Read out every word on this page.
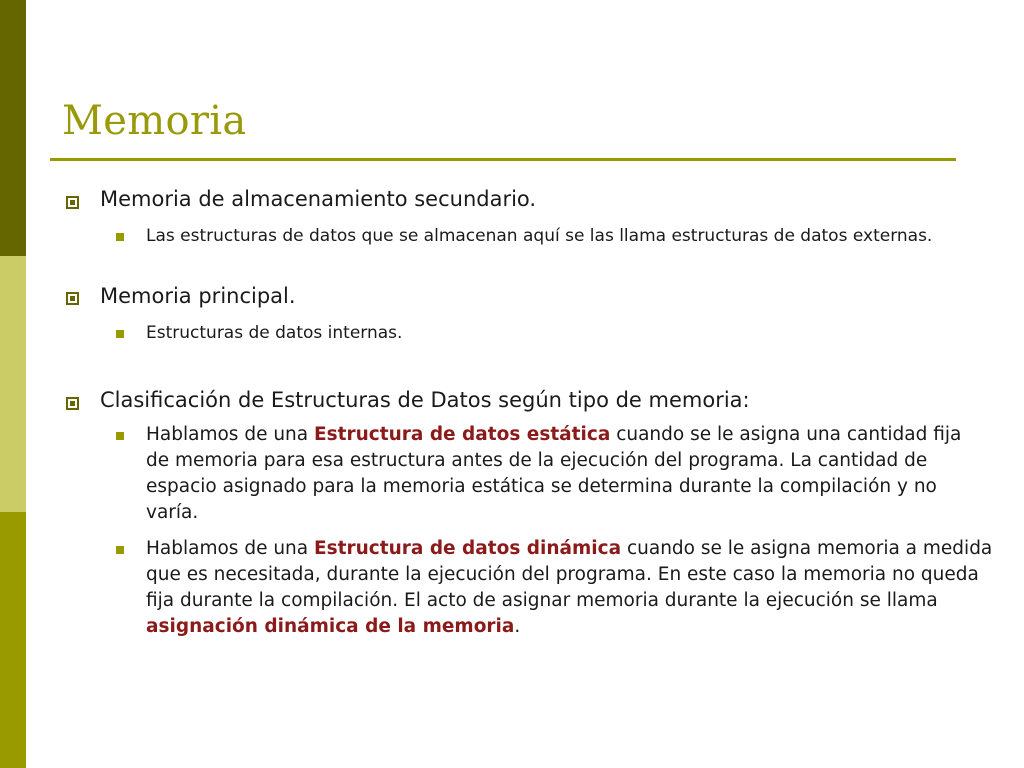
Memoria
Memoria de almacenamiento secundario.
Las estructuras de datos que se almacenan aquí se las llama estructuras de datos externas.
Memoria principal.
Estructuras de datos internas.
Clasificación de Estructuras de Datos según tipo de memoria:
Hablamos de una Estructura de datos estática cuando se le asigna una cantidad fija de memoria para esa estructura antes de la ejecución del programa. La cantidad de espacio asignado para la memoria estática se determina durante la compilación y no varía.
Hablamos de una Estructura de datos dinámica cuando se le asigna memoria a medida que es necesitada, durante la ejecución del programa. En este caso la memoria no queda fija durante la compilación. El acto de asignar memoria durante la ejecución se llama asignación dinámica de la memoria.
